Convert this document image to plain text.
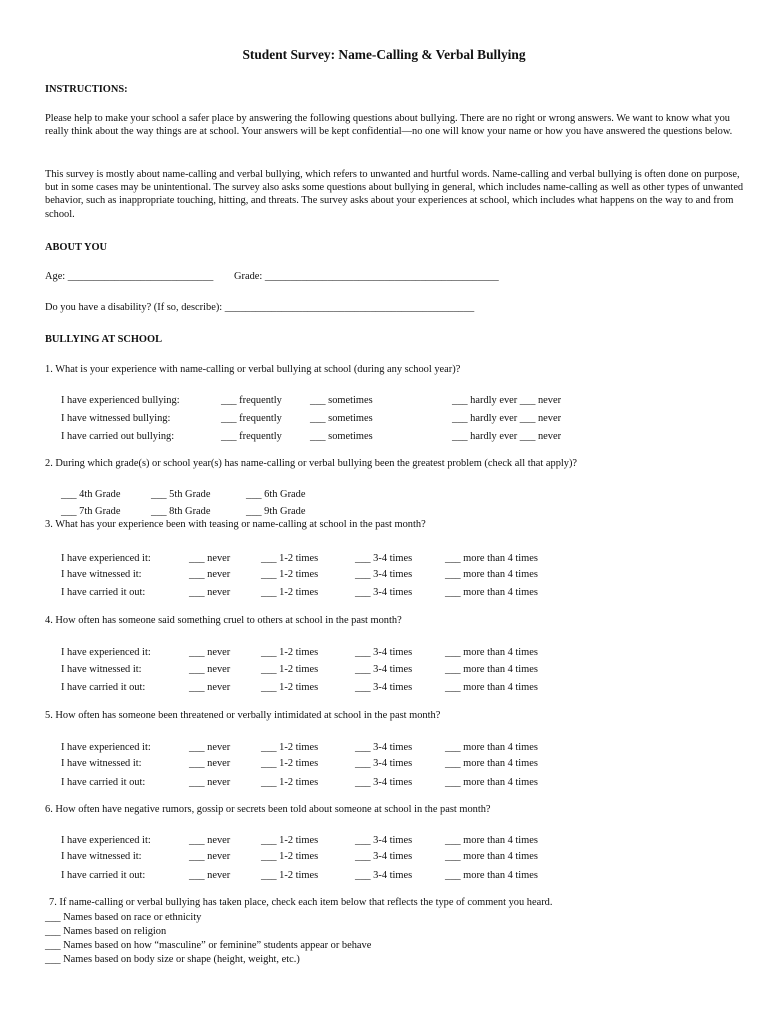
Student Survey: Name-Calling & Verbal Bullying
INSTRUCTIONS:
Please help to make your school a safer place by answering the following questions about bullying. There are no right or wrong answers. We want to know what you really think about the way things are at school. Your answers will be kept confidential—no one will know your name or how you have answered the questions below.
This survey is mostly about name-calling and verbal bullying, which refers to unwanted and hurtful words. Name-calling and verbal bullying is often done on purpose, but in some cases may be unintentional. The survey also asks some questions about bullying in general, which includes name-calling as well as other types of unwanted behavior, such as inappropriate touching, hitting, and threats. The survey asks about your experiences at school, which includes what happens on the way to and from school.
ABOUT YOU
Age: ____________________________ Grade: _____________________________________________
Do you have a disability? (If so, describe): ________________________________________________
BULLYING AT SCHOOL
1. What is your experience with name-calling or verbal bullying at school (during any school year)?
I have experienced bullying:	___ frequently	___ sometimes	___ hardly ever ___ never
I have witnessed bullying:	___ frequently	___ sometimes	___ hardly ever ___ never
I have carried out bullying:	___ frequently	___ sometimes	___ hardly ever ___ never
2. During which grade(s) or school year(s) has name-calling or verbal bullying been the greatest problem (check all that apply)?
___ 4th Grade	___ 5th Grade	___ 6th Grade
___ 7th Grade	___ 8th Grade	___ 9th Grade
3. What has your experience been with teasing or name-calling at school in the past month?
I have experienced it:	___ never	___ 1-2 times	___ 3-4 times	___ more than 4 times
I have witnessed it:	___ never	___ 1-2 times	___ 3-4 times	___ more than 4 times
I have carried it out:	___ never	___ 1-2 times	___ 3-4 times	___ more than 4 times
4. How often has someone said something cruel to others at school in the past month?
I have experienced it:	___ never	___ 1-2 times	___ 3-4 times	___ more than 4 times
I have witnessed it:	___ never	___ 1-2 times	___ 3-4 times	___ more than 4 times
I have carried it out:	___ never	___ 1-2 times	___ 3-4 times	___ more than 4 times
5. How often has someone been threatened or verbally intimidated at school in the past month?
I have experienced it:	___ never	___ 1-2 times	___ 3-4 times	___ more than 4 times
I have witnessed it:	___ never	___ 1-2 times	___ 3-4 times	___ more than 4 times
I have carried it out:	___ never	___ 1-2 times	___ 3-4 times	___ more than 4 times
6. How often have negative rumors, gossip or secrets been told about someone at school in the past month?
I have experienced it:	___ never	___ 1-2 times	___ 3-4 times	___ more than 4 times
I have witnessed it:	___ never	___ 1-2 times	___ 3-4 times	___ more than 4 times
I have carried it out:	___ never	___ 1-2 times	___ 3-4 times	___ more than 4 times
7. If name-calling or verbal bullying has taken place, check each item below that reflects the type of comment you heard.
___ Names based on race or ethnicity
___ Names based on religion
___ Names based on how “masculine” or feminine” students appear or behave
___ Names based on body size or shape (height, weight, etc.)
